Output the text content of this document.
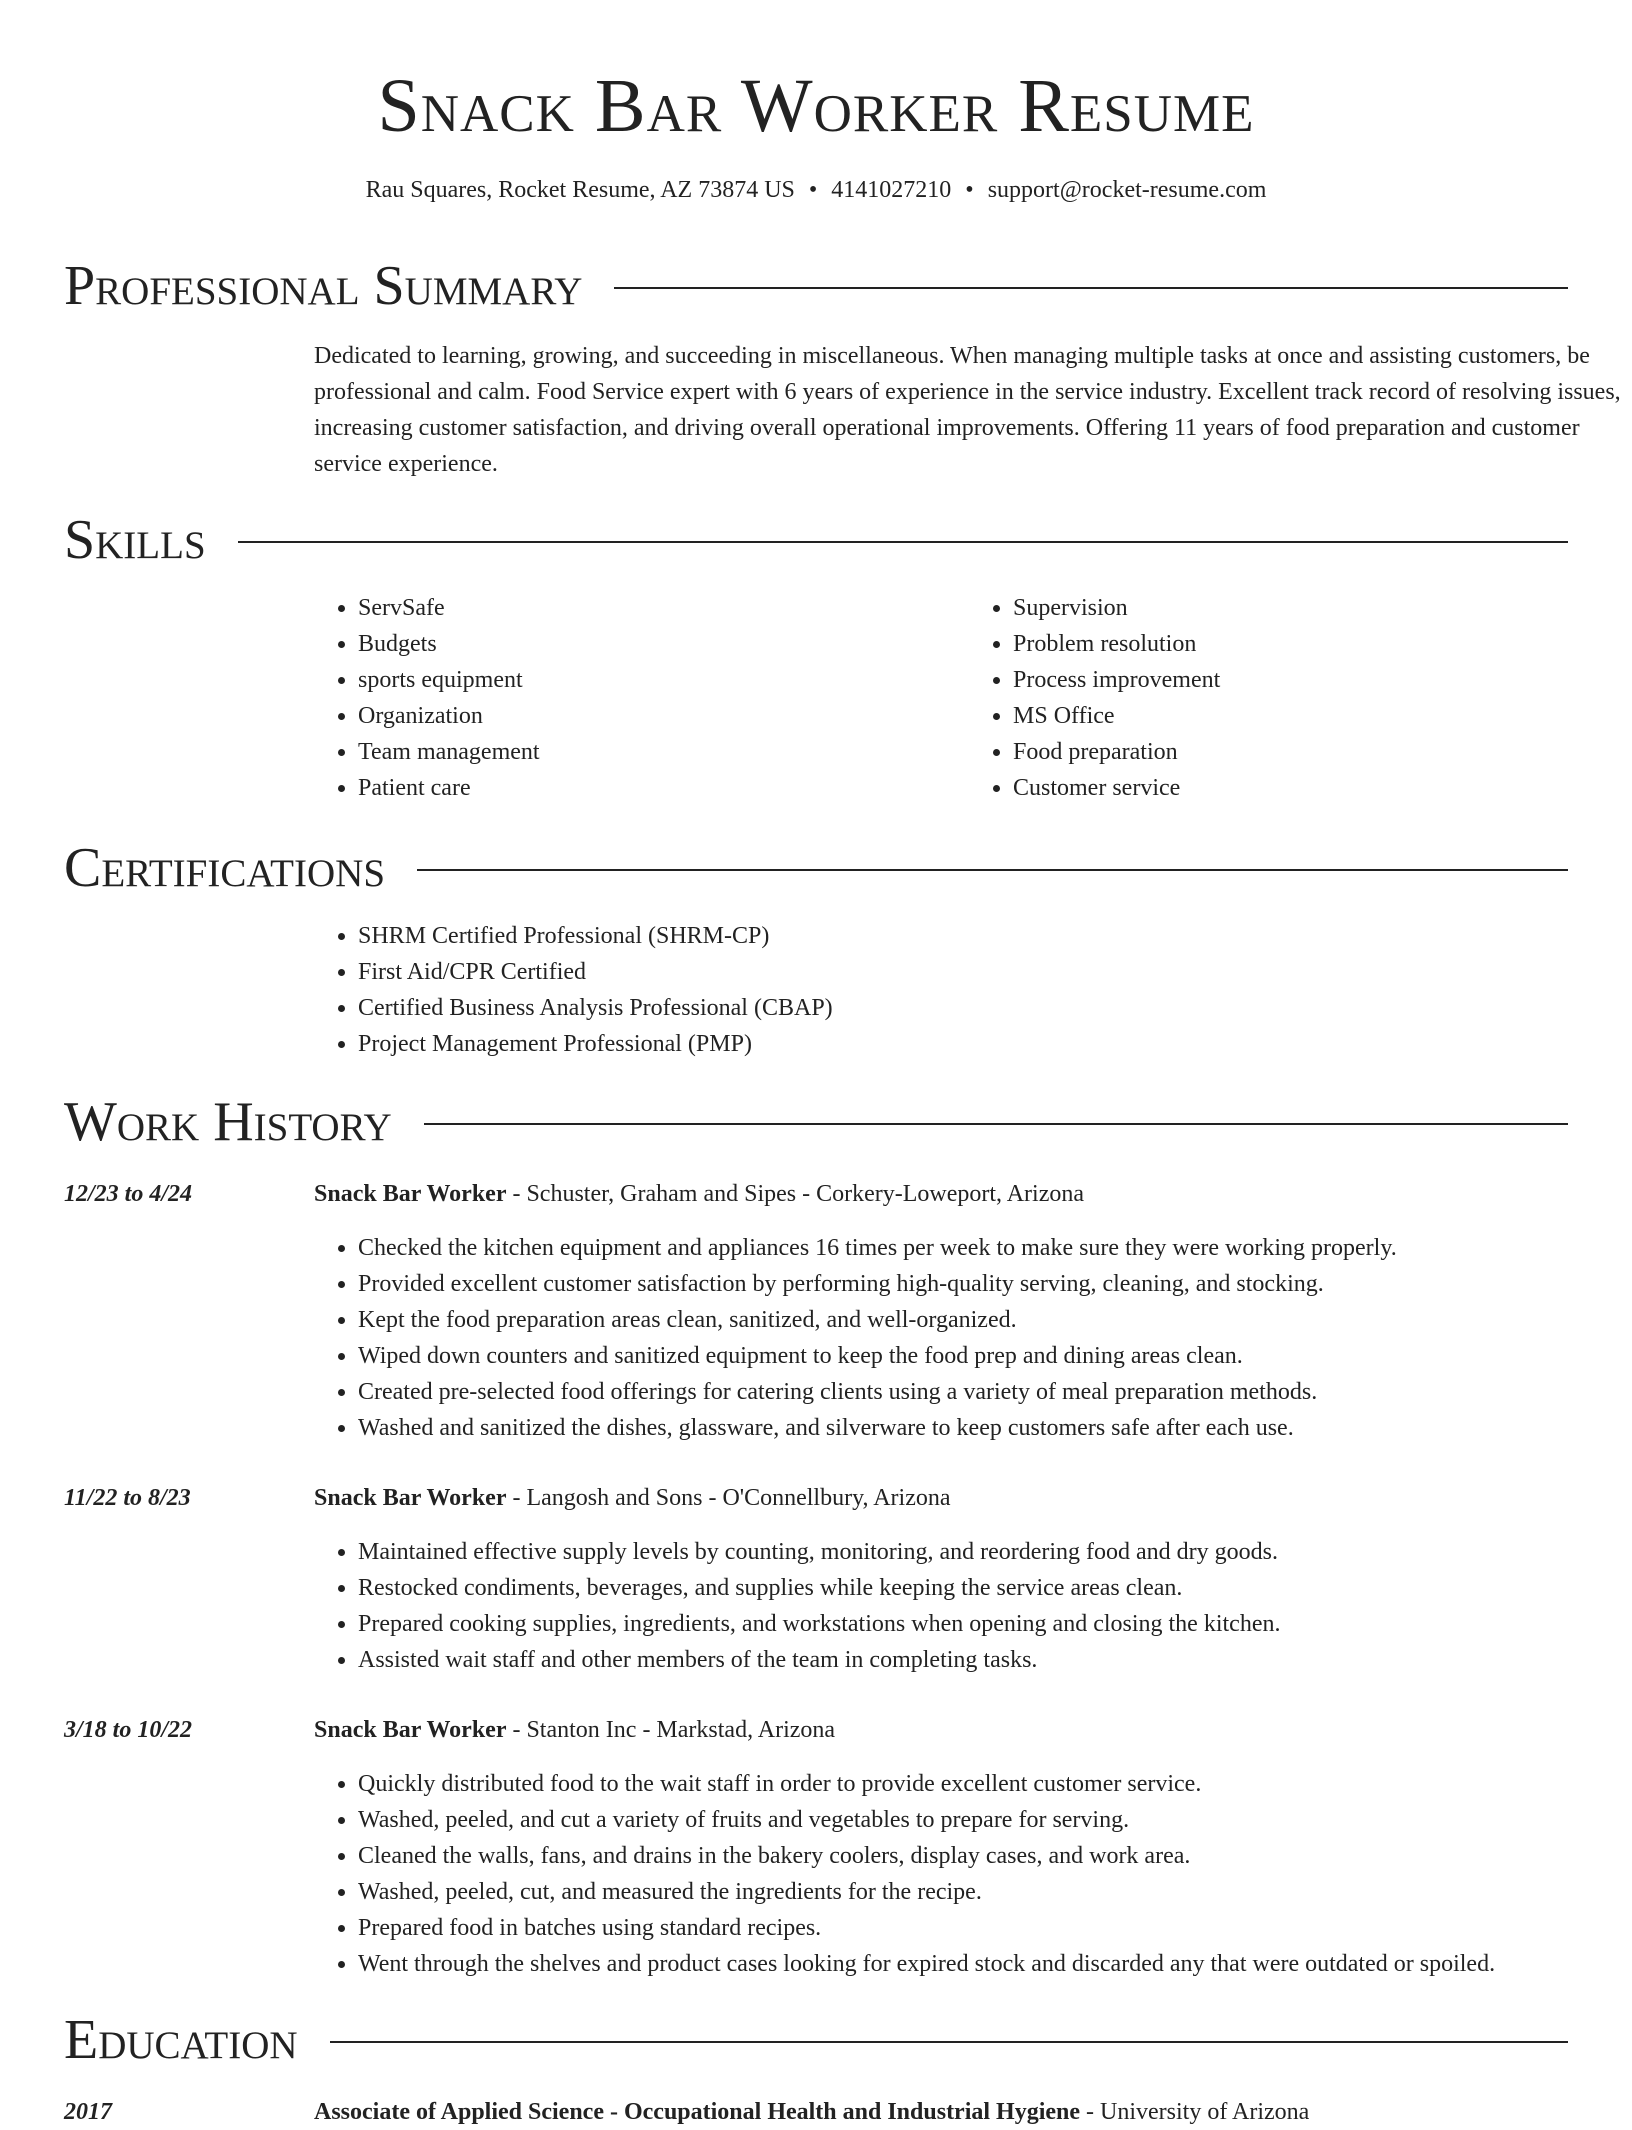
Snack Bar Worker Resume
Rau Squares, Rocket Resume, AZ 73874 US • 4141027210 • support@rocket-resume.com
Professional Summary
Dedicated to learning, growing, and succeeding in miscellaneous. When managing multiple tasks at once and assisting customers, be professional and calm. Food Service expert with 6 years of experience in the service industry. Excellent track record of resolving issues, increasing customer satisfaction, and driving overall operational improvements. Offering 11 years of food preparation and customer service experience.
Skills
• ServSafe
• Budgets
• sports equipment
• Organization
• Team management
• Patient care
• Supervision
• Problem resolution
• Process improvement
• MS Office
• Food preparation
• Customer service
Certifications
• SHRM Certified Professional (SHRM-CP)
• First Aid/CPR Certified
• Certified Business Analysis Professional (CBAP)
• Project Management Professional (PMP)
Work History
12/23 to 4/24	Snack Bar Worker - Schuster, Graham and Sipes - Corkery-Loweport, Arizona
• Checked the kitchen equipment and appliances 16 times per week to make sure they were working properly.
• Provided excellent customer satisfaction by performing high-quality serving, cleaning, and stocking.
• Kept the food preparation areas clean, sanitized, and well-organized.
• Wiped down counters and sanitized equipment to keep the food prep and dining areas clean.
• Created pre-selected food offerings for catering clients using a variety of meal preparation methods.
• Washed and sanitized the dishes, glassware, and silverware to keep customers safe after each use.
11/22 to 8/23	Snack Bar Worker - Langosh and Sons - O'Connellbury, Arizona
• Maintained effective supply levels by counting, monitoring, and reordering food and dry goods.
• Restocked condiments, beverages, and supplies while keeping the service areas clean.
• Prepared cooking supplies, ingredients, and workstations when opening and closing the kitchen.
• Assisted wait staff and other members of the team in completing tasks.
3/18 to 10/22	Snack Bar Worker - Stanton Inc - Markstad, Arizona
• Quickly distributed food to the wait staff in order to provide excellent customer service.
• Washed, peeled, and cut a variety of fruits and vegetables to prepare for serving.
• Cleaned the walls, fans, and drains in the bakery coolers, display cases, and work area.
• Washed, peeled, cut, and measured the ingredients for the recipe.
• Prepared food in batches using standard recipes.
• Went through the shelves and product cases looking for expired stock and discarded any that were outdated or spoiled.
Education
2017	Associate of Applied Science - Occupational Health and Industrial Hygiene - University of Arizona
